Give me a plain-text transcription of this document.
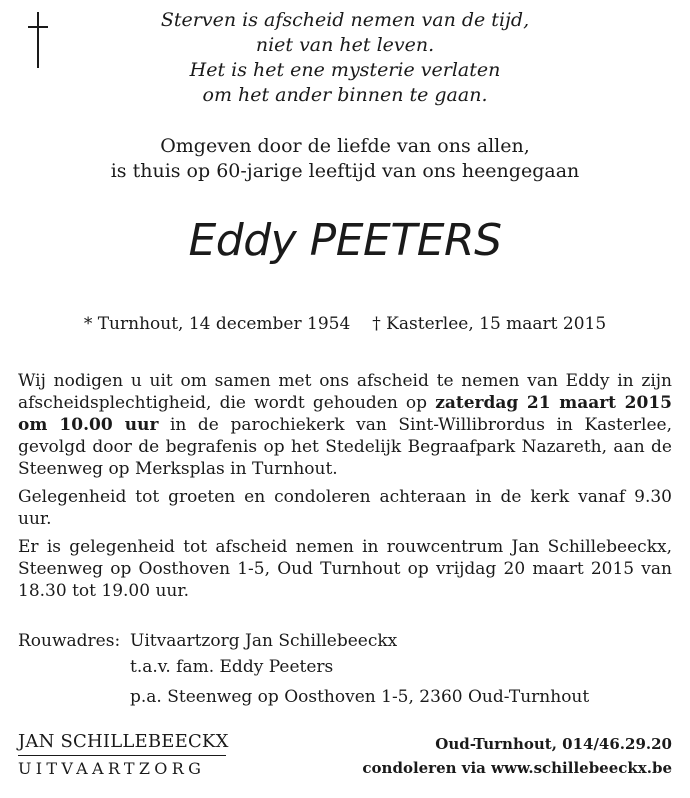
Sterven is afscheid nemen van de tijd,
niet van het leven.
Het is het ene mysterie verlaten
om het ander binnen te gaan.
Omgeven door de liefde van ons allen,
is thuis op 60-jarige leeftijd van ons heengegaan
Eddy PEETERS
* Turnhout, 14 december 1954 † Kasterlee, 15 maart 2015

Wij nodigen u uit om samen met ons afscheid te nemen van Eddy in zijn afscheidsplechtigheid, die wordt gehouden op zaterdag 21 maart 2015 om 10.00 uur in de parochiekerk van Sint-Willibrordus in Kasterlee, gevolgd door de begrafenis op het Stedelijk Begraafpark Nazareth, aan de Steenweg op Merksplas in Turnhout.

Gelegenheid tot groeten en condoleren achteraan in de kerk vanaf 9.30 uur.

Er is gelegenheid tot afscheid nemen in rouwcentrum Jan Schillebeeckx, Steenweg op Oosthoven 1-5, Oud Turnhout op vrijdag 20 maart 2015 van 18.30 tot 19.00 uur.

Rouwadres: Uitvaartzorg Jan Schillebeeckx
t.a.v. fam. Eddy Peeters
p.a. Steenweg op Oosthoven 1-5, 2360 Oud-Turnhout
JAN SCHILLEBEECKX
UITVAARTZORG
Oud-Turnhout, 014/46.29.20
condoleren via www.schillebeeckx.be
